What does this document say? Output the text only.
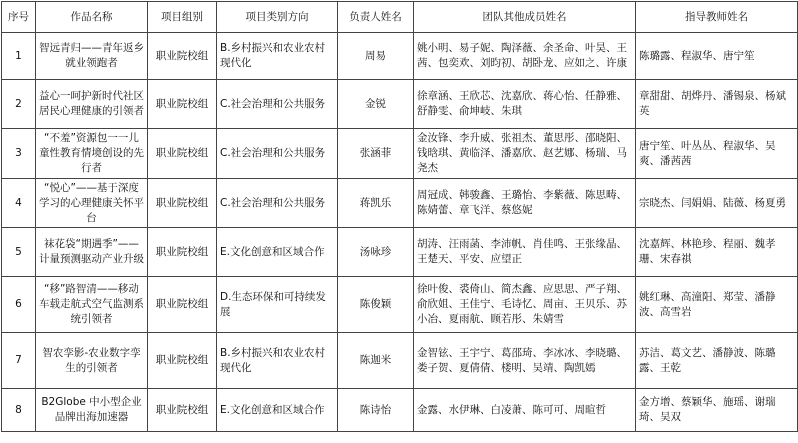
序号	作品名称	项目组别	项目类别方向	负责人姓名	团队其他成员姓名	指导教师姓名
1	智远青归——青年返乡就业领跑者	职业院校组	B.乡村振兴和农业农村现代化	周易	姚小明、易子妮、陶泽薇、余圣命、叶昊、王茜、包奕欢、刘昀初、胡卧龙、应如之、许康	陈璐露、程淑华、唐宁笙
2	益心一呵护新时代社区居民心理健康的引领者	职业院校组	C.社会治理和公共服务	金锐	徐章涵、王欣芯、沈嘉欣、蒋心怡、任静雅、舒静雯、俞坤岐、朱琪	章甜甜、胡烨丹、潘锡泉、杨斌英
3	“不羞”资源包一一儿童性教育情境创设的先行者	职业院校组	C.社会治理和公共服务	张涵菲	金汝锋、李升威、张祖杰、董思彤、邵晓阳、钱晗琪、黄临泽、潘嘉欣、赵艺娜、杨瑞、马尧杰	唐宁笙、叶丛丛、程淑华、吴爽、潘茜茜
4	“悦心”——基于深度学习的心理健康关怀平台	职业院校组	C.社会治理和公共服务	蒋凯乐	周冠成、韩骏鑫、王璐怡、李紫薇、陈思畴、陈婧蕾、章飞洋、蔡悠妮	宗晓杰、闫娟娟、陆薇、杨夏勇
5	袜花袋“期遇季”——计量预测驱动产业升级	职业院校组	E.文化创意和区域合作	汤咏珍	胡涛、汪雨菡、李沛帆、肖佳鸣、王张缘晶、王楚天、平安、应望正	沈嘉辉、林艳珍、程丽、魏孝珊、宋春祺
6	“移”路智清——移动车载走航式空气监测系统引领者	职业院校组	D.生态环保和可持续发展	陈俊颖	徐叶俊、裘倚山、简杰鑫、应思思、严子翔、俞欣姐、王佳宁、毛诗忆、周亩、王贝乐、苏小冶、夏雨航、顾若彤、朱婧雪	姚红琳、高潼阳、郑莹、潘静波、高雪岩
7	智农孪影-农业数字孪生的引领者	职业院校组	B.乡村振兴和农业农村现代化	陈迦米	金智铉、王宇宁、葛邵琦、李冰冰、李晓璐、娄子贺、夏倩倩、楼明、吴靖、陶凯嫣	苏洁、葛文艺、潘静波、陈璐露、王乾
8	B2Globe 中小型企业品牌出海加速器	职业院校组	E.文化创意和区域合作	陈诗怡	金露、水伊琳、白凌萧、陈可可、周暄哲	金方增、蔡颖华、施瑶、谢瑞琦、吴双
